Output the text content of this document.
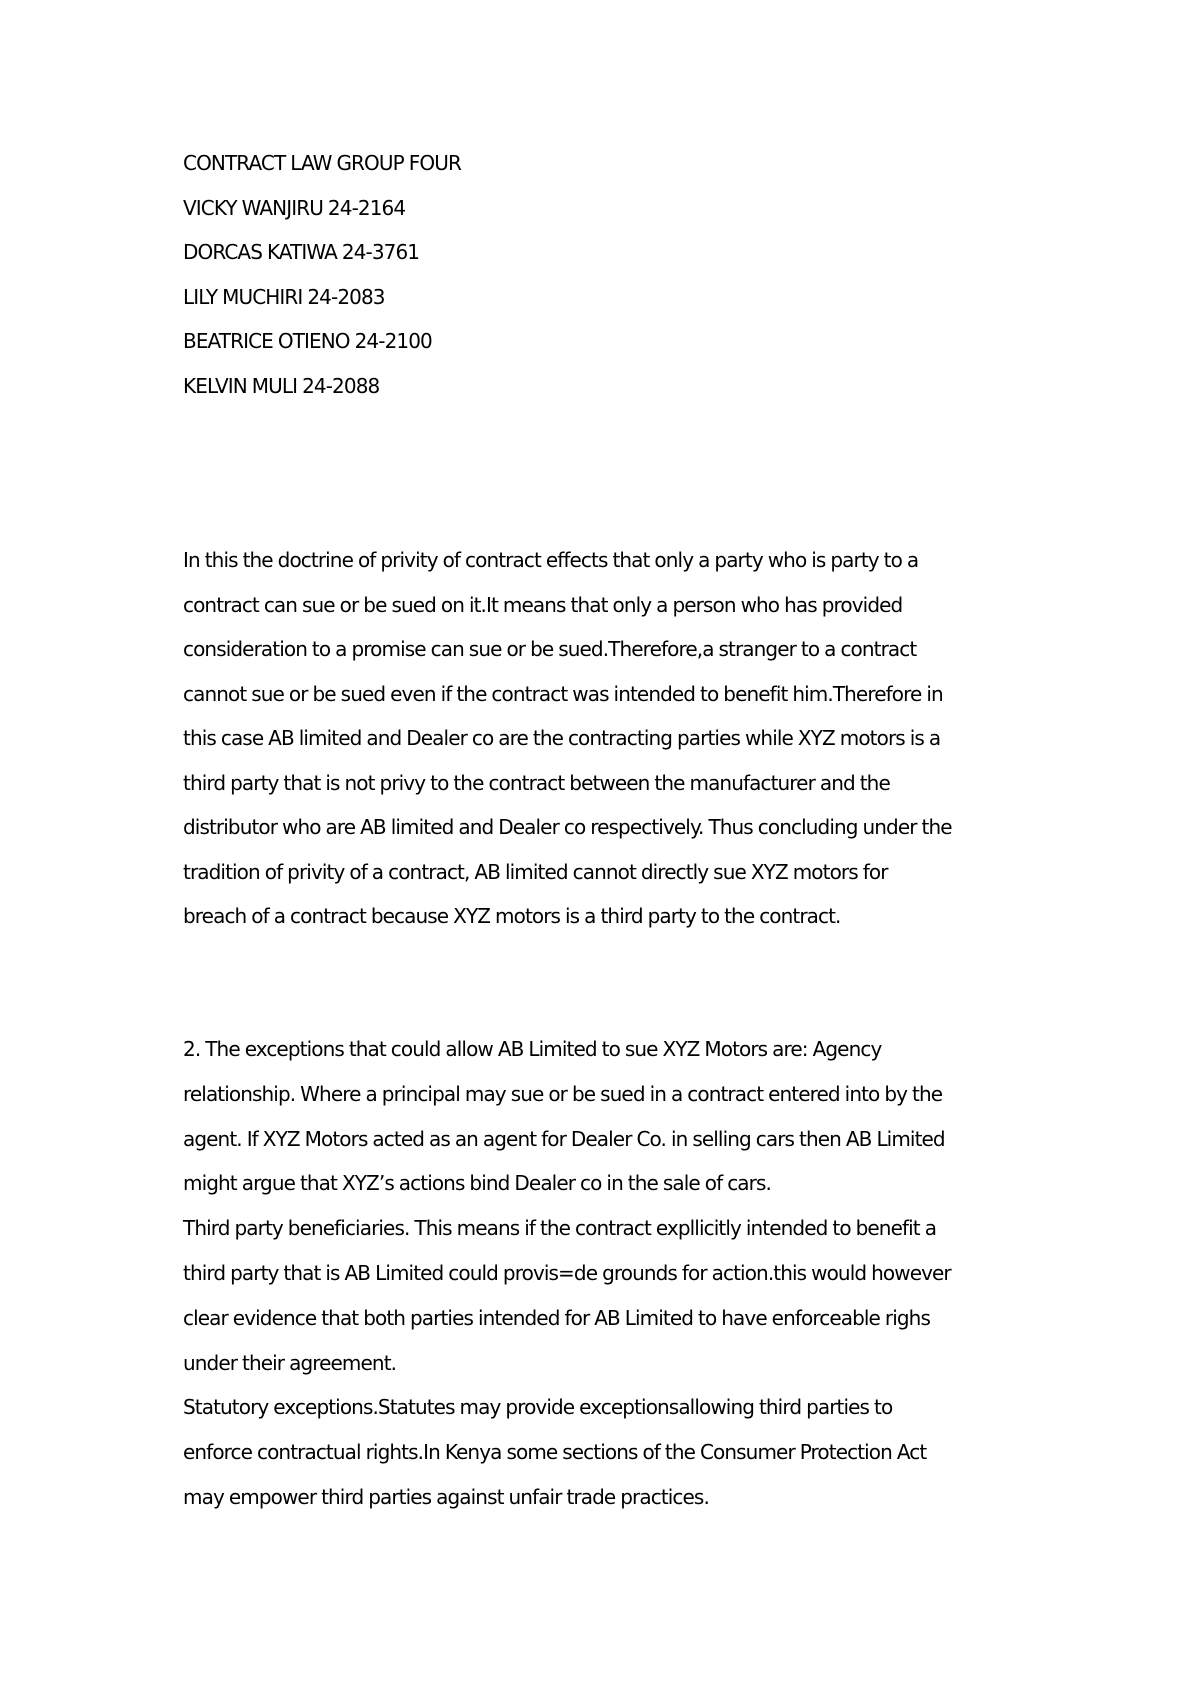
CONTRACT LAW GROUP FOUR
VICKY WANJIRU 24-2164
DORCAS KATIWA 24-3761
LILY MUCHIRI 24-2083
BEATRICE OTIENO 24-2100
KELVIN MULI 24-2088
In this the doctrine of privity of contract effects that only a party who is party to a
contract can sue or be sued on it.It means that only a person who has provided
consideration to a promise can sue or be sued.Therefore,a stranger to a contract
cannot sue or be sued even if the contract was intended to benefit him.Therefore in
this case AB limited and Dealer co are the contracting parties while XYZ motors is a
third party that is not privy to the contract between the manufacturer and the
distributor who are AB limited and Dealer co respectively. Thus concluding under the
tradition of privity of a contract, AB limited cannot directly sue XYZ motors for
breach of a contract because XYZ motors is a third party to the contract.
2. The exceptions that could allow AB Limited to sue XYZ Motors are: Agency
relationship. Where a principal may sue or be sued in a contract entered into by the
agent. If XYZ Motors acted as an agent for Dealer Co. in selling cars then AB Limited
might argue that XYZ’s actions bind Dealer co in the sale of cars.
Third party beneficiaries. This means if the contract expllicitly intended to benefit a
third party that is AB Limited could provis=de grounds for action.this would however
clear evidence that both parties intended for AB Limited to have enforceable righs
under their agreement.
Statutory exceptions.Statutes may provide exceptionsallowing third parties to
enforce contractual rights.In Kenya some sections of the Consumer Protection Act
may empower third parties against unfair trade practices.
